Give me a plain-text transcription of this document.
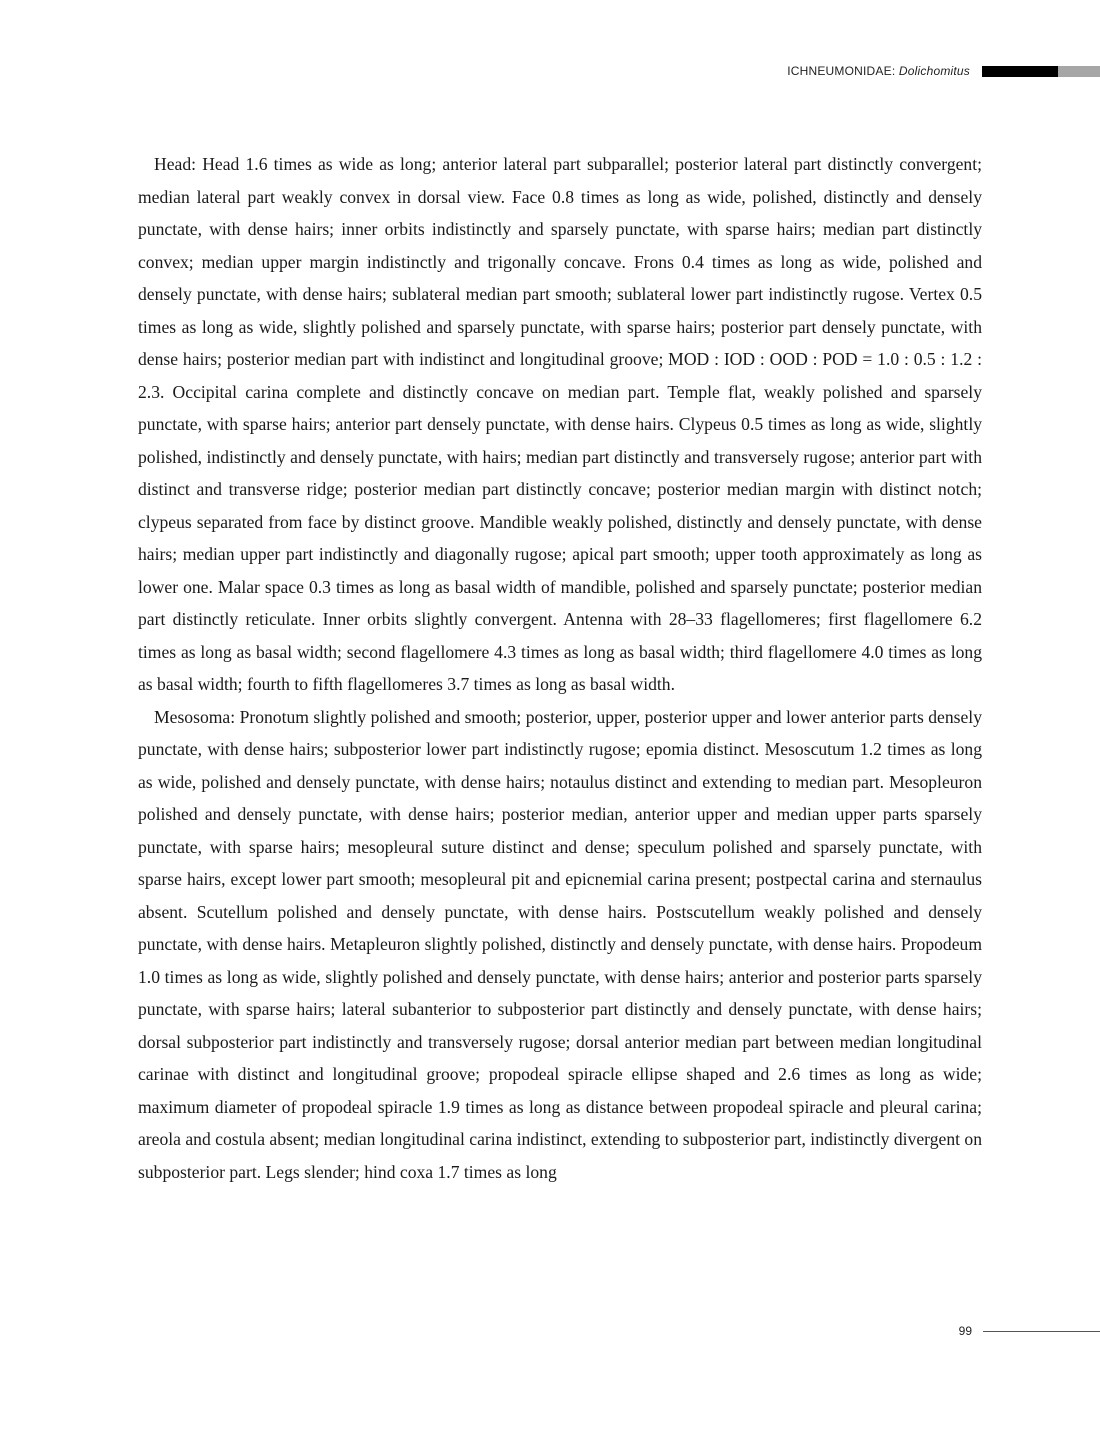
ICHNEUMONIDAE: Dolichomitus

Head: Head 1.6 times as wide as long; anterior lateral part subparallel; posterior lateral part distinctly convergent; median lateral part weakly convex in dorsal view. Face 0.8 times as long as wide, polished, distinctly and densely punctate, with dense hairs; inner orbits indistinctly and sparsely punctate, with sparse hairs; median part distinctly convex; median upper margin indistinctly and trigonally concave. Frons 0.4 times as long as wide, polished and densely punctate, with dense hairs; sublateral median part smooth; sublateral lower part indistinctly rugose. Vertex 0.5 times as long as wide, slightly polished and sparsely punctate, with sparse hairs; posterior part densely punctate, with dense hairs; posterior median part with indistinct and longitudinal groove; MOD : IOD : OOD : POD = 1.0 : 0.5 : 1.2 : 2.3. Occipital carina complete and distinctly concave on median part. Temple flat, weakly polished and sparsely punctate, with sparse hairs; anterior part densely punctate, with dense hairs. Clypeus 0.5 times as long as wide, slightly polished, indistinctly and densely punctate, with hairs; median part distinctly and transversely rugose; anterior part with distinct and transverse ridge; posterior median part distinctly concave; posterior median margin with distinct notch; clypeus separated from face by distinct groove. Mandible weakly polished, distinctly and densely punctate, with dense hairs; median upper part indistinctly and diagonally rugose; apical part smooth; upper tooth approximately as long as lower one. Malar space 0.3 times as long as basal width of mandible, polished and sparsely punctate; posterior median part distinctly reticulate. Inner orbits slightly convergent. Antenna with 28–33 flagellomeres; first flagellomere 6.2 times as long as basal width; second flagellomere 4.3 times as long as basal width; third flagellomere 4.0 times as long as basal width; fourth to fifth flagellomeres 3.7 times as long as basal width.

Mesosoma: Pronotum slightly polished and smooth; posterior, upper, posterior upper and lower anterior parts densely punctate, with dense hairs; subposterior lower part indistinctly rugose; epomia distinct. Mesoscutum 1.2 times as long as wide, polished and densely punctate, with dense hairs; notaulus distinct and extending to median part. Mesopleuron polished and densely punctate, with dense hairs; posterior median, anterior upper and median upper parts sparsely punctate, with sparse hairs; mesopleural suture distinct and dense; speculum polished and sparsely punctate, with sparse hairs, except lower part smooth; mesopleural pit and epicnemial carina present; postpectal carina and sternaulus absent. Scutellum polished and densely punctate, with dense hairs. Postscutellum weakly polished and densely punctate, with dense hairs. Metapleuron slightly polished, distinctly and densely punctate, with dense hairs. Propodeum 1.0 times as long as wide, slightly polished and densely punctate, with dense hairs; anterior and posterior parts sparsely punctate, with sparse hairs; lateral subanterior to subposterior part distinctly and densely punctate, with dense hairs; dorsal subposterior part indistinctly and transversely rugose; dorsal anterior median part between median longitudinal carinae with distinct and longitudinal groove; propodeal spiracle ellipse shaped and 2.6 times as long as wide; maximum diameter of propodeal spiracle 1.9 times as long as distance between propodeal spiracle and pleural carina; areola and costula absent; median longitudinal carina indistinct, extending to subposterior part, indistinctly divergent on subposterior part. Legs slender; hind coxa 1.7 times as long

99
